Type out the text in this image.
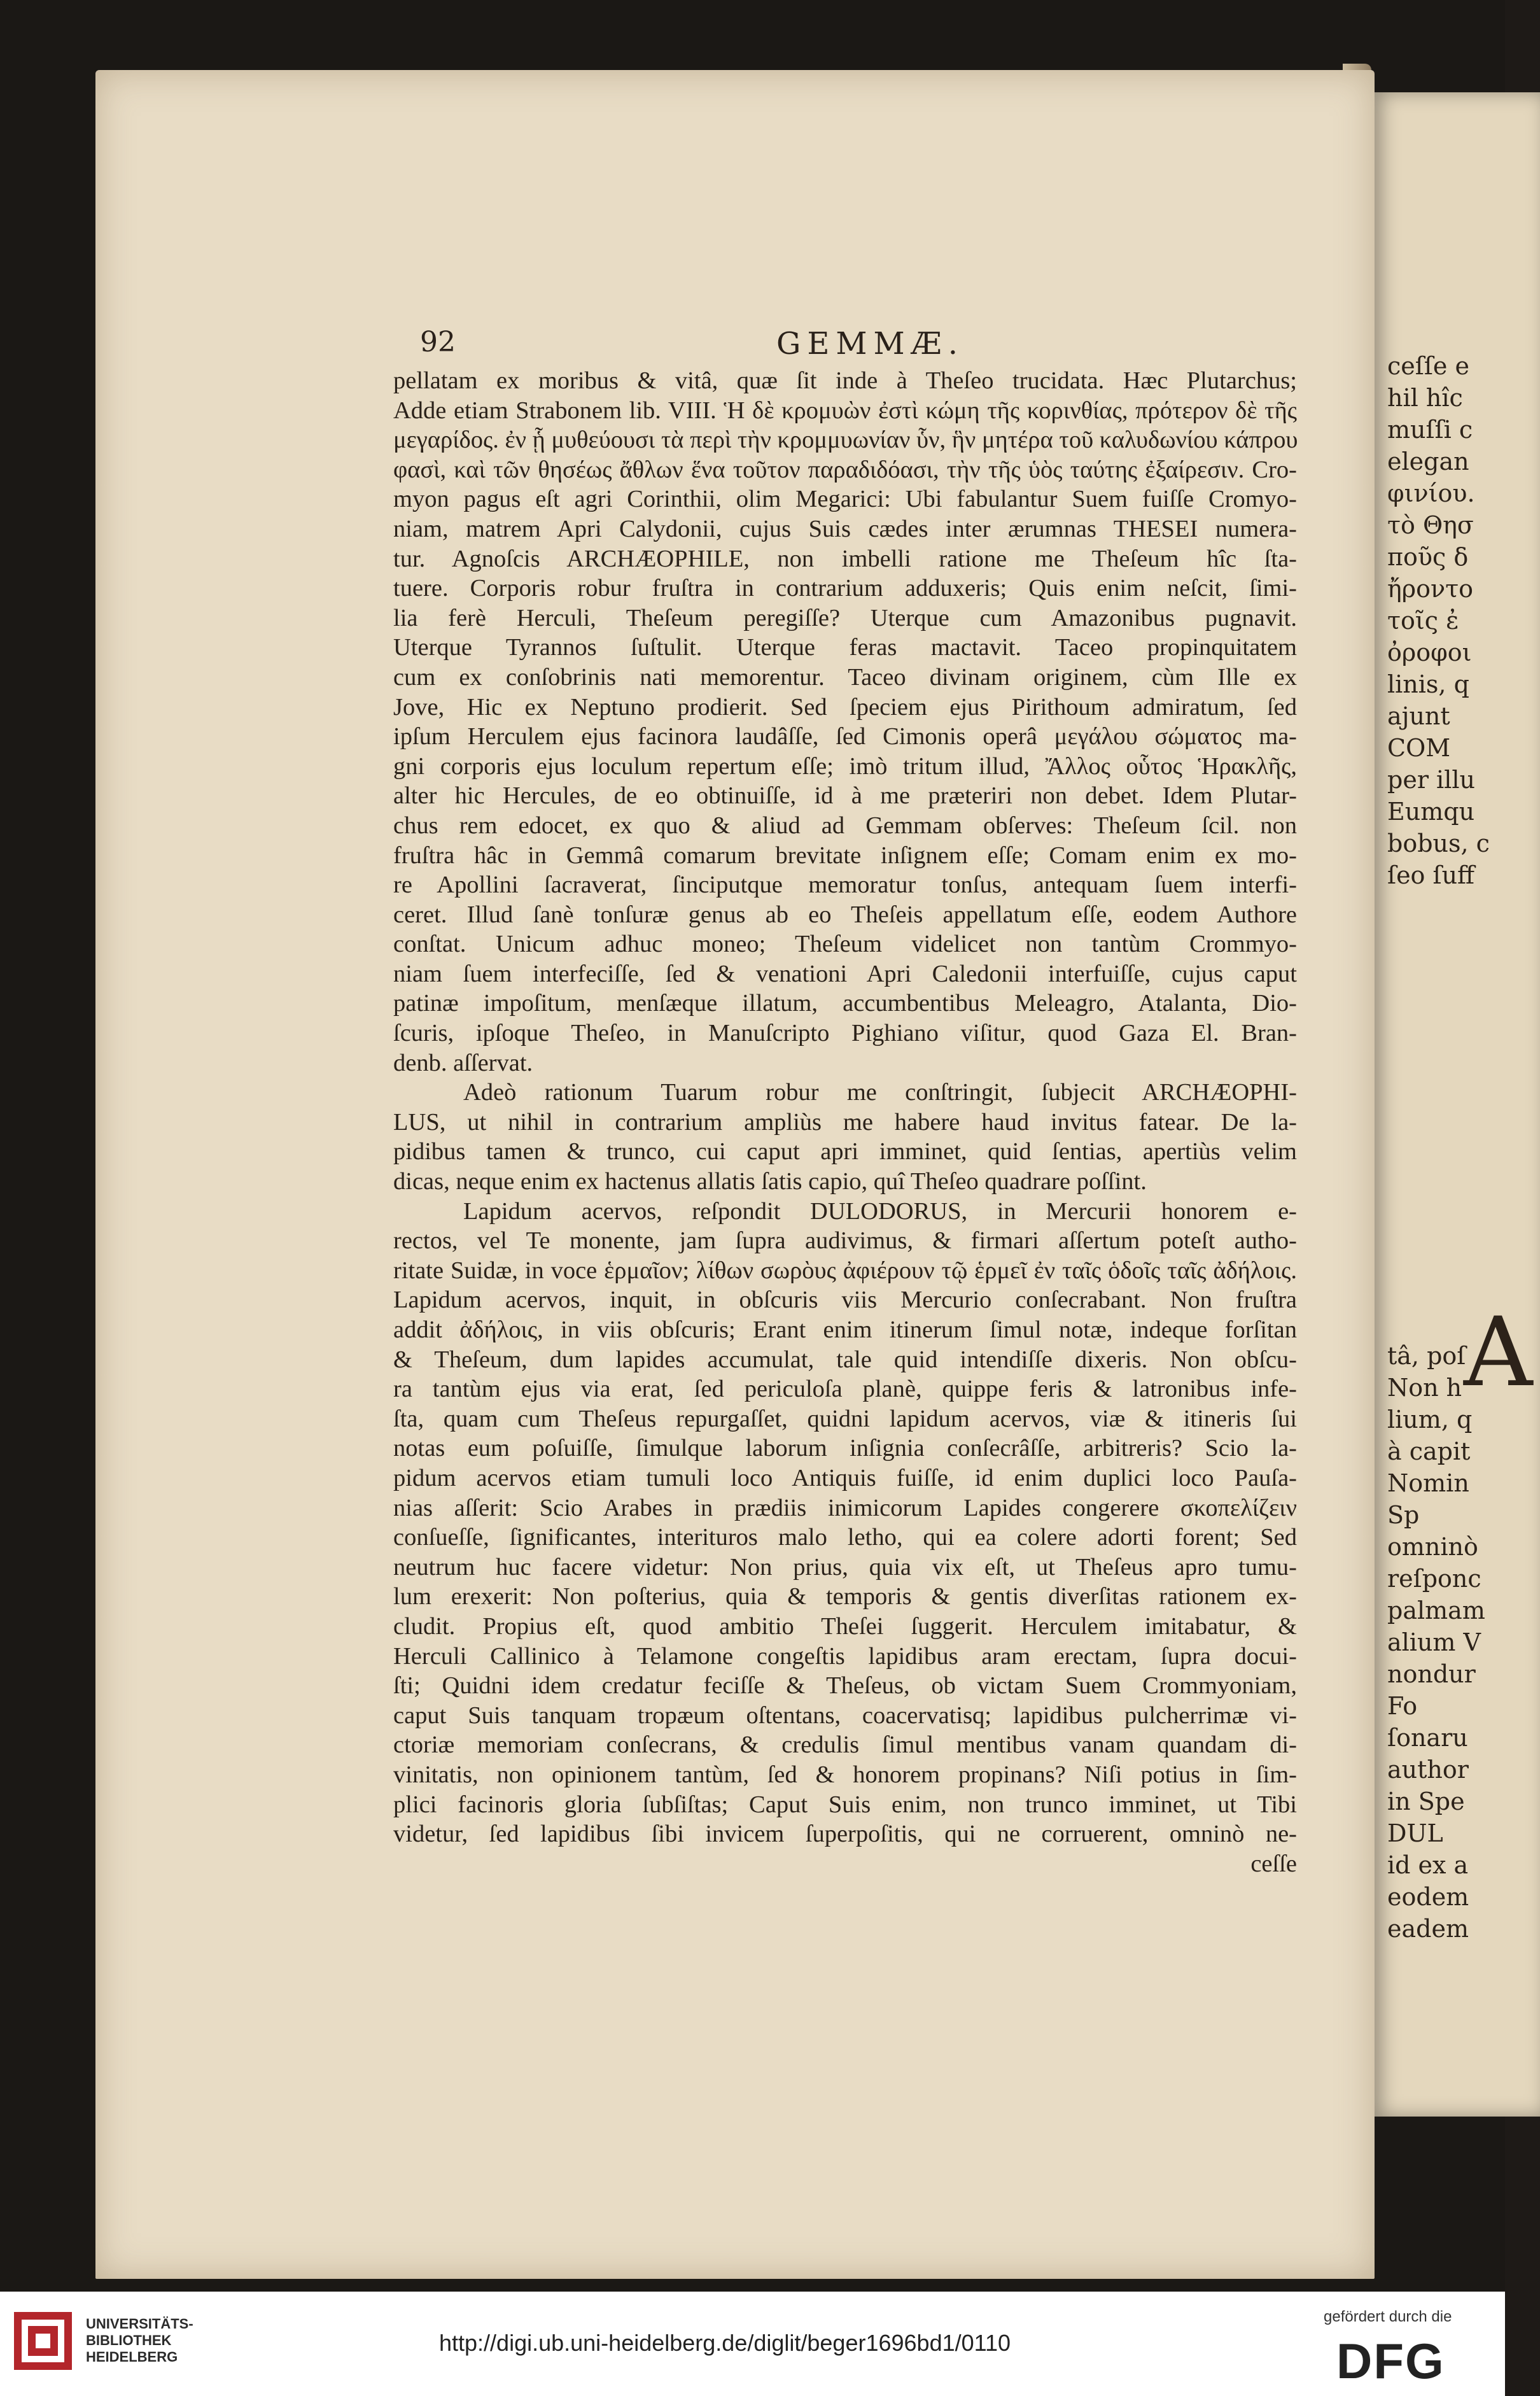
ceſſe e
hil hîc
muſſi c
elegan
φινίου.
τὸ Θησ
ποῦς δ
ἤροντο
τοῖς ἐ
ὀροφοι
linis, q
ajunt
COM
per illu
Eumqu
bobus, c
ſeo ſuff
A
tâ, poſ
Non h
lium, q
à capit
Nomin
Sp
omninò
reſponc
palmam
alium V
nondur
Fo
ſonaru
author
in Spe
DUL
id ex a
eodem
eadem
92	GEMMÆ.
pellatam ex moribus & vitâ, quæ ſit inde à Theſeo trucidata. Hæc Plutarchus;
Adde etiam Strabonem lib. VIII. Ἡ δὲ κρομυὼν ἐστὶ κώμη τῆς κορινθίας, πρότερον δὲ τῆς
μεγαρίδος. ἐν ᾗ μυθεύουσι τὰ περὶ τὴν κρομμυωνίαν ὗν, ἣν μητέρα τοῦ καλυδωνίου κάπρου
φασὶ, καὶ τῶν θησέως ἄθλων ἕνα τοῦτον παραδιδόασι, τὴν τῆς ὑὸς ταύτης ἐξαίρεσιν. Cro-
myon pagus eſt agri Corinthii, olim Megarici: Ubi fabulantur Suem fuiſſe Cromyo-
niam, matrem Apri Calydonii, cujus Suis cædes inter ærumnas THESEI numera-
tur. Agnoſcis ARCHÆOPHILE, non imbelli ratione me Theſeum hîc ſta-
tuere. Corporis robur fruſtra in contrarium adduxeris; Quis enim neſcit, ſimi-
lia ferè Herculi, Theſeum peregiſſe? Uterque cum Amazonibus pugnavit.
Uterque Tyrannos ſuſtulit. Uterque feras mactavit. Taceo propinquitatem
cum ex conſobrinis nati memorentur. Taceo divinam originem, cùm Ille ex
Jove, Hic ex Neptuno prodierit. Sed ſpeciem ejus Pirithoum admiratum, ſed
ipſum Herculem ejus facinora laudâſſe, ſed Cimonis operâ μεγάλου σώματος ma-
gni corporis ejus loculum repertum eſſe; imò tritum illud, Ἄλλος οὗτος Ἡρακλῆς,
alter hic Hercules, de eo obtinuiſſe, id à me præteriri non debet. Idem Plutar-
chus rem edocet, ex quo & aliud ad Gemmam obſerves: Theſeum ſcil. non
fruſtra hâc in Gemmâ comarum brevitate inſignem eſſe; Comam enim ex mo-
re Apollini ſacraverat, ſinciputque memoratur tonſus, antequam ſuem interfi-
ceret. Illud ſanè tonſuræ genus ab eo Theſeis appellatum eſſe, eodem Authore
conſtat. Unicum adhuc moneo; Theſeum videlicet non tantùm Crommyo-
niam ſuem interfeciſſe, ſed & venationi Apri Caledonii interfuiſſe, cujus caput
patinæ impoſitum, menſæque illatum, accumbentibus Meleagro, Atalanta, Dio-
ſcuris, ipſoque Theſeo, in Manuſcripto Pighiano viſitur, quod Gaza El. Bran-
denb. aſſervat.
Adeò rationum Tuarum robur me conſtringit, ſubjecit ARCHÆOPHI-
LUS, ut nihil in contrarium ampliùs me habere haud invitus fatear. De la-
pidibus tamen & trunco, cui caput apri imminet, quid ſentias, apertiùs velim
dicas, neque enim ex hactenus allatis ſatis capio, quî Theſeo quadrare poſſint.
Lapidum acervos, reſpondit DULODORUS, in Mercurii honorem e-
rectos, vel Te monente, jam ſupra audivimus, & firmari aſſertum poteſt autho-
ritate Suidæ, in voce ἑρμαῖον; λίθων σωρὸυς ἀφιέρουν τῷ ἑρμεῖ ἐν ταῖς ὁδοῖς ταῖς ἀδήλοις.
Lapidum acervos, inquit, in obſcuris viis Mercurio conſecrabant. Non fruſtra
addit ἀδήλοις, in viis obſcuris; Erant enim itinerum ſimul notæ, indeque forſitan
& Theſeum, dum lapides accumulat, tale quid intendiſſe dixeris. Non obſcu-
ra tantùm ejus via erat, ſed periculoſa planè, quippe feris & latronibus infe-
ſta, quam cum Theſeus repurgaſſet, quidni lapidum acervos, viæ & itineris ſui
notas eum poſuiſſe, ſimulque laborum inſignia conſecrâſſe, arbitreris? Scio la-
pidum acervos etiam tumuli loco Antiquis fuiſſe, id enim duplici loco Pauſa-
nias aſſerit: Scio Arabes in prædiis inimicorum Lapides congerere σκοπελίζειν
conſueſſe, ſignificantes, interituros malo letho, qui ea colere adorti forent; Sed
neutrum huc facere videtur: Non prius, quia vix eſt, ut Theſeus apro tumu-
lum erexerit: Non poſterius, quia & temporis & gentis diverſitas rationem ex-
cludit. Propius eſt, quod ambitio Theſei ſuggerit. Herculem imitabatur, &
Herculi Callinico à Telamone congeſtis lapidibus aram erectam, ſupra docui-
ſti; Quidni idem credatur feciſſe & Theſeus, ob victam Suem Crommyoniam,
caput Suis tanquam tropæum oſtentans, coacervatisq; lapidibus pulcherrimæ vi-
ctoriæ memoriam conſecrans, & credulis ſimul mentibus vanam quandam di-
vinitatis, non opinionem tantùm, ſed & honorem propinans? Niſi potius in ſim-
plici facinoris gloria ſubſiſtas; Caput Suis enim, non trunco imminet, ut Tibi
videtur, ſed lapidibus ſibi invicem ſuperpoſitis, qui ne corruerent, omninò ne-
ceſſe
UNIVERSITÄTS-
BIBLIOTHEK
HEIDELBERG
http://digi.ub.uni-heidelberg.de/diglit/beger1696bd1/0110
gefördert durch die
DFG
